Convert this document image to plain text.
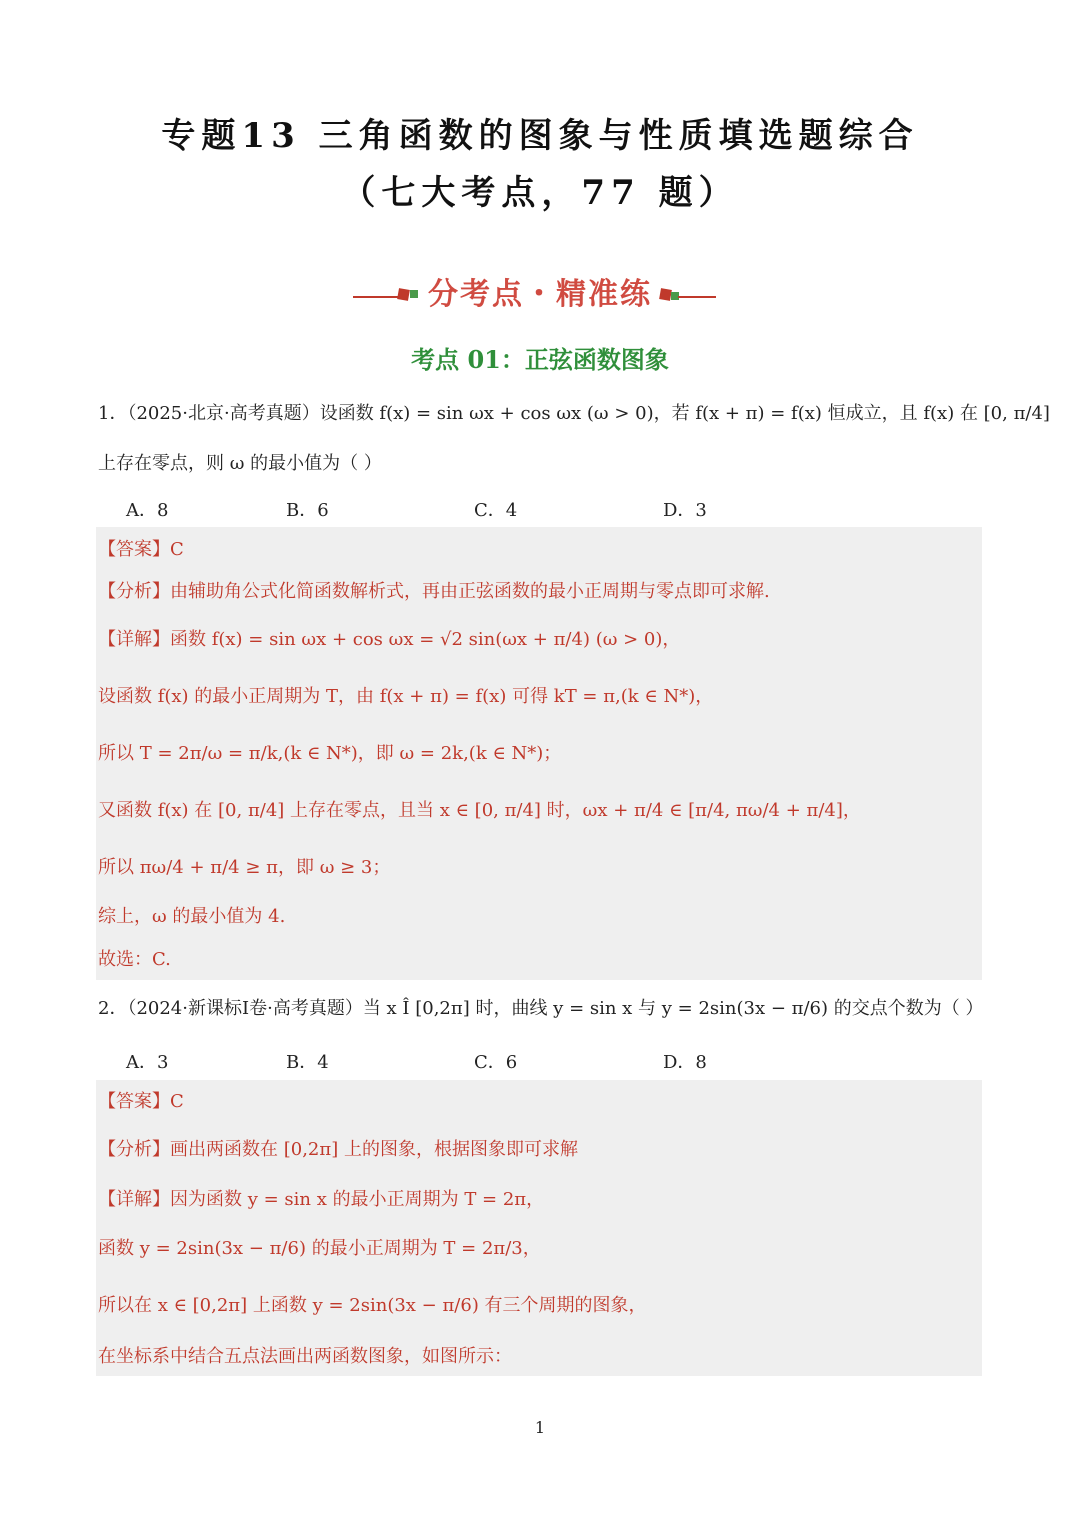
专题13 三角函数的图象与性质填选题综合
（七大考点，77 题）
分考点・精准练
考点 01：正弦函数图象
1．（2025·北京·高考真题）设函数 f(x) = sin ωx + cos ωx (ω > 0)，若 f(x + π) = f(x) 恒成立，且 f(x) 在 [0, π/4]
上存在零点，则 ω 的最小值为（ ）
A．8	B．6	C．4	D．3
【答案】C
【分析】由辅助角公式化简函数解析式，再由正弦函数的最小正周期与零点即可求解.
【详解】函数 f(x) = sin ωx + cos ωx = √2 sin(ωx + π/4) (ω > 0)，
设函数 f(x) 的最小正周期为 T，由 f(x + π) = f(x) 可得 kT = π,(k ∈ N*)，
所以 T = 2π/ω = π/k,(k ∈ N*)，即 ω = 2k,(k ∈ N*)；
又函数 f(x) 在 [0, π/4] 上存在零点，且当 x ∈ [0, π/4] 时，ωx + π/4 ∈ [π/4, πω/4 + π/4]，
所以 πω/4 + π/4 ≥ π，即 ω ≥ 3；
综上，ω 的最小值为 4.
故选：C.
2．（2024·新课标I卷·高考真题）当 x Î [0,2π] 时，曲线 y = sin x 与 y = 2sin(3x − π/6) 的交点个数为（ ）
A．3	B．4	C．6	D．8
【答案】C
【分析】画出两函数在 [0,2π] 上的图象，根据图象即可求解
【详解】因为函数 y = sin x 的最小正周期为 T = 2π，
函数 y = 2sin(3x − π/6) 的最小正周期为 T = 2π/3，
所以在 x ∈ [0,2π] 上函数 y = 2sin(3x − π/6) 有三个周期的图象，
在坐标系中结合五点法画出两函数图象，如图所示：
1
